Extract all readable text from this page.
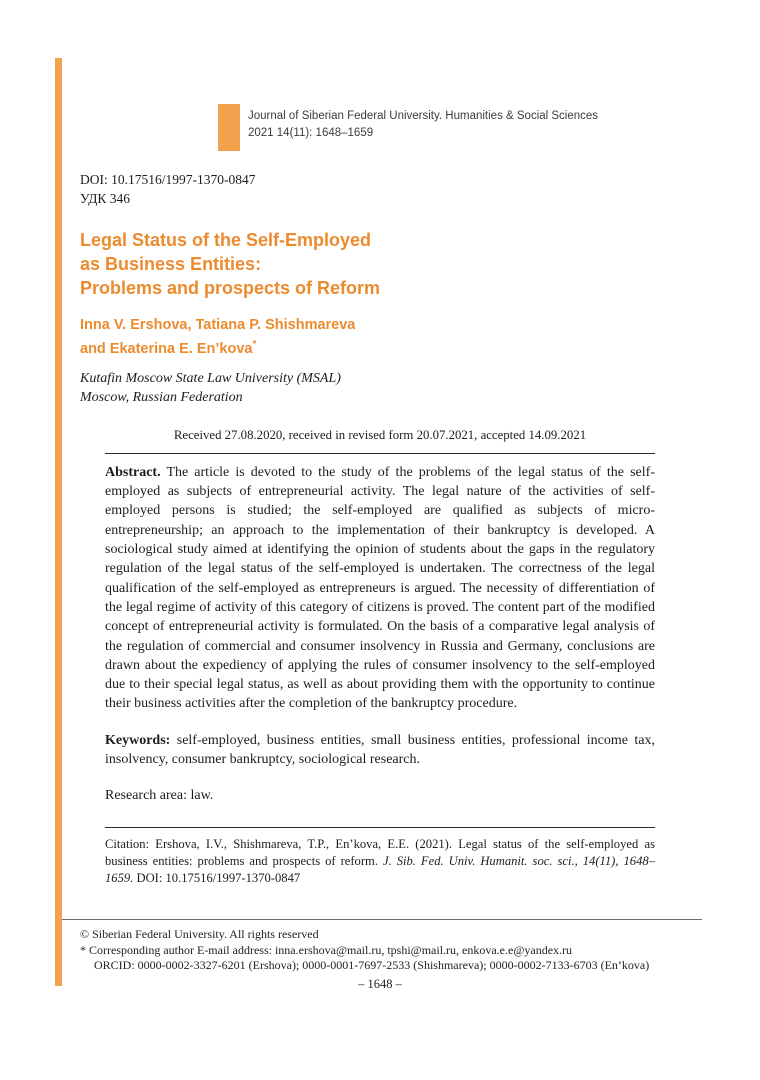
Journal of Siberian Federal University. Humanities & Social Sciences
2021 14(11): 1648–1659
DOI: 10.17516/1997-1370-0847
УДК 346
Legal Status of the Self-Employed
as Business Entities:
Problems and prospects of Reform
Inna V. Ershova, Tatiana P. Shishmareva
and Ekaterina E. En’kova*
Kutafin Moscow State Law University (MSAL)
Moscow, Russian Federation
Received 27.08.2020, received in revised form 20.07.2021, accepted 14.09.2021
Abstract. The article is devoted to the study of the problems of the legal status of the self-employed as subjects of entrepreneurial activity. The legal nature of the activities of self-employed persons is studied; the self-employed are qualified as subjects of micro-entrepreneurship; an approach to the implementation of their bankruptcy is developed. A sociological study aimed at identifying the opinion of students about the gaps in the regulatory regulation of the legal status of the self-employed is undertaken. The correctness of the legal qualification of the self-employed as entrepreneurs is argued. The necessity of differentiation of the legal regime of activity of this category of citizens is proved. The content part of the modified concept of entrepreneurial activity is formulated. On the basis of a comparative legal analysis of the regulation of commercial and consumer insolvency in Russia and Germany, conclusions are drawn about the expediency of applying the rules of consumer insolvency to the self-employed due to their special legal status, as well as about providing them with the opportunity to continue their business activities after the completion of the bankruptcy procedure.
Keywords: self-employed, business entities, small business entities, professional income tax, insolvency, consumer bankruptcy, sociological research.
Research area: law.
Citation: Ershova, I.V., Shishmareva, T.P., En’kova, E.E. (2021). Legal status of the self-employed as business entities: problems and prospects of reform. J. Sib. Fed. Univ. Humanit. soc. sci., 14(11), 1648– 1659. DOI: 10.17516/1997-1370-0847
© Siberian Federal University. All rights reserved
* Corresponding author E-mail address: inna.ershova@mail.ru, tpshi@mail.ru, enkova.e.e@yandex.ru
ORCID: 0000-0002-3327-6201 (Ershova); 0000-0001-7697-2533 (Shishmareva); 0000-0002-7133-6703 (En’kova)
– 1648 –
